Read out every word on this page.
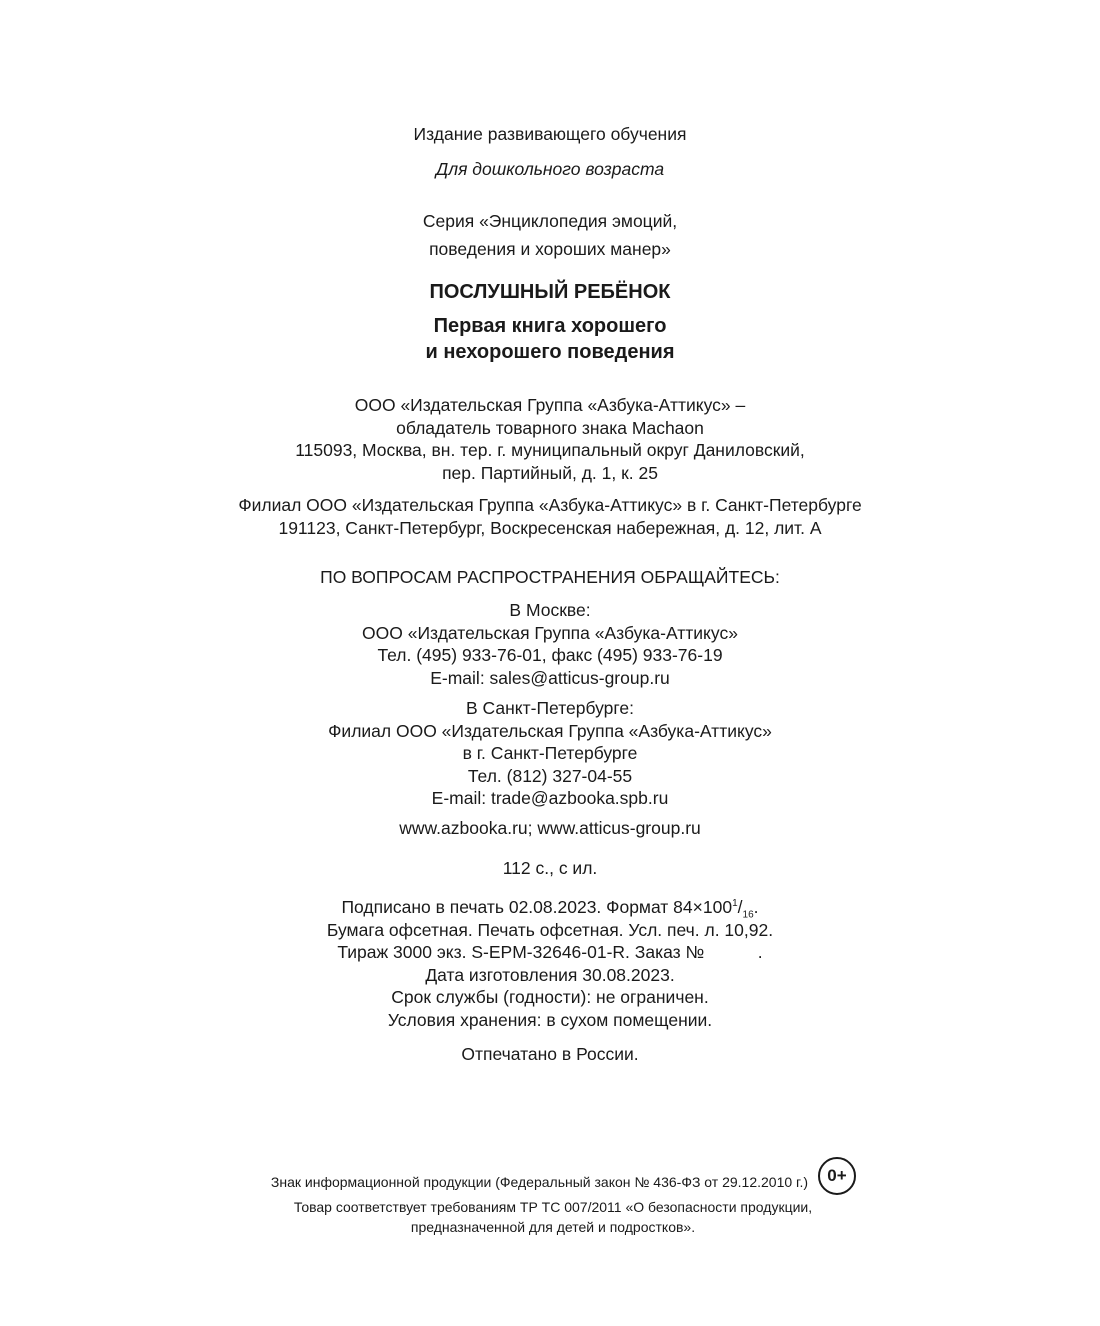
Издание развивающего обучения
Для дошкольного возраста
Серия «Энциклопедия эмоций,
поведения и хороших манер»
ПОСЛУШНЫЙ РЕБЁНОК
Первая книга хорошего
и нехорошего поведения
ООО «Издательская Группа «Азбука-Аттикус» –
обладатель товарного знака Machaon
115093, Москва, вн. тер. г. муниципальный округ Даниловский,
пер. Партийный, д. 1, к. 25
Филиал ООО «Издательская Группа «Азбука-Аттикус» в г. Санкт-Петербурге
191123, Санкт-Петербург, Воскресенская набережная, д. 12, лит. А
ПО ВОПРОСАМ РАСПРОСТРАНЕНИЯ ОБРАЩАЙТЕСЬ:
В Москве:
ООО «Издательская Группа «Азбука-Аттикус»
Тел. (495) 933-76-01, факс (495) 933-76-19
E-mail: sales@atticus-group.ru
В Санкт-Петербурге:
Филиал ООО «Издательская Группа «Азбука-Аттикус»
в г. Санкт-Петербурге
Тел. (812) 327-04-55
E-mail: trade@azbooka.spb.ru
www.azbooka.ru; www.atticus-group.ru
112 с., с ил.
Подписано в печать 02.08.2023. Формат $84\times 100^1/_{16}$.
Бумага офсетная. Печать офсетная. Усл. печ. л. 10,92.
Тираж 3000 экз. S-EPM-32646-01-R. Заказ №           .
Дата изготовления 30.08.2023.
Срок службы (годности): не ограничен.
Условия хранения: в сухом помещении.
Отпечатано в России.
Знак информационной продукции (Федеральный закон № 436-ФЗ от 29.12.2010 г.)	0+
Товар соответствует требованиям ТР ТС 007/2011 «О безопасности продукции,
предназначенной для детей и подростков».
